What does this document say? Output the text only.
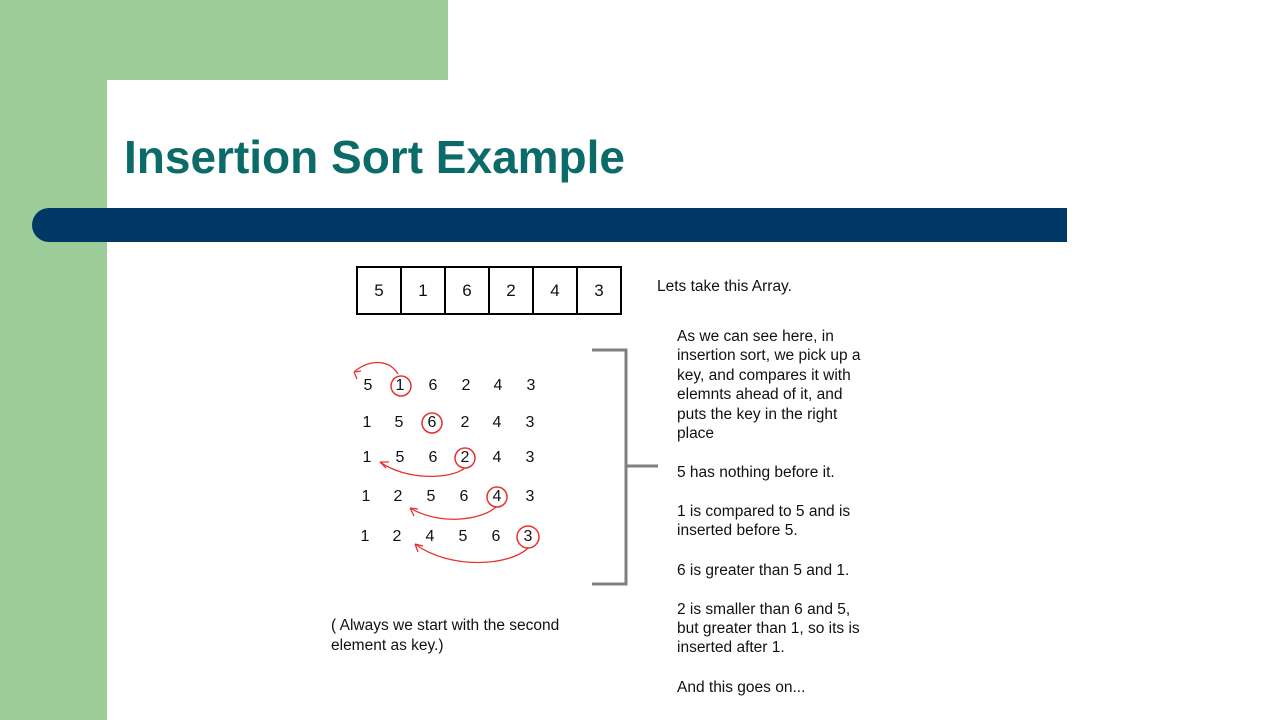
Insertion Sort Example
5	1	6	2	4	3	Lets take this Array.
5	1	6	2	4	3
1	5	6	2	4	3
1	5	6	2	4	3
1	2	5	6	4	3
1	2	4	5	6	3
As we can see here, in
insertion sort, we pick up a
key, and compares it with
elemnts ahead of it, and
puts the key in the right
place
5 has nothing before it.
1 is compared to 5 and is
inserted before 5.
6 is greater than 5 and 1.
2 is smaller than 6 and 5,
but greater than 1, so its is
inserted after 1.
And this goes on...
( Always we start with the second
element as key.)
